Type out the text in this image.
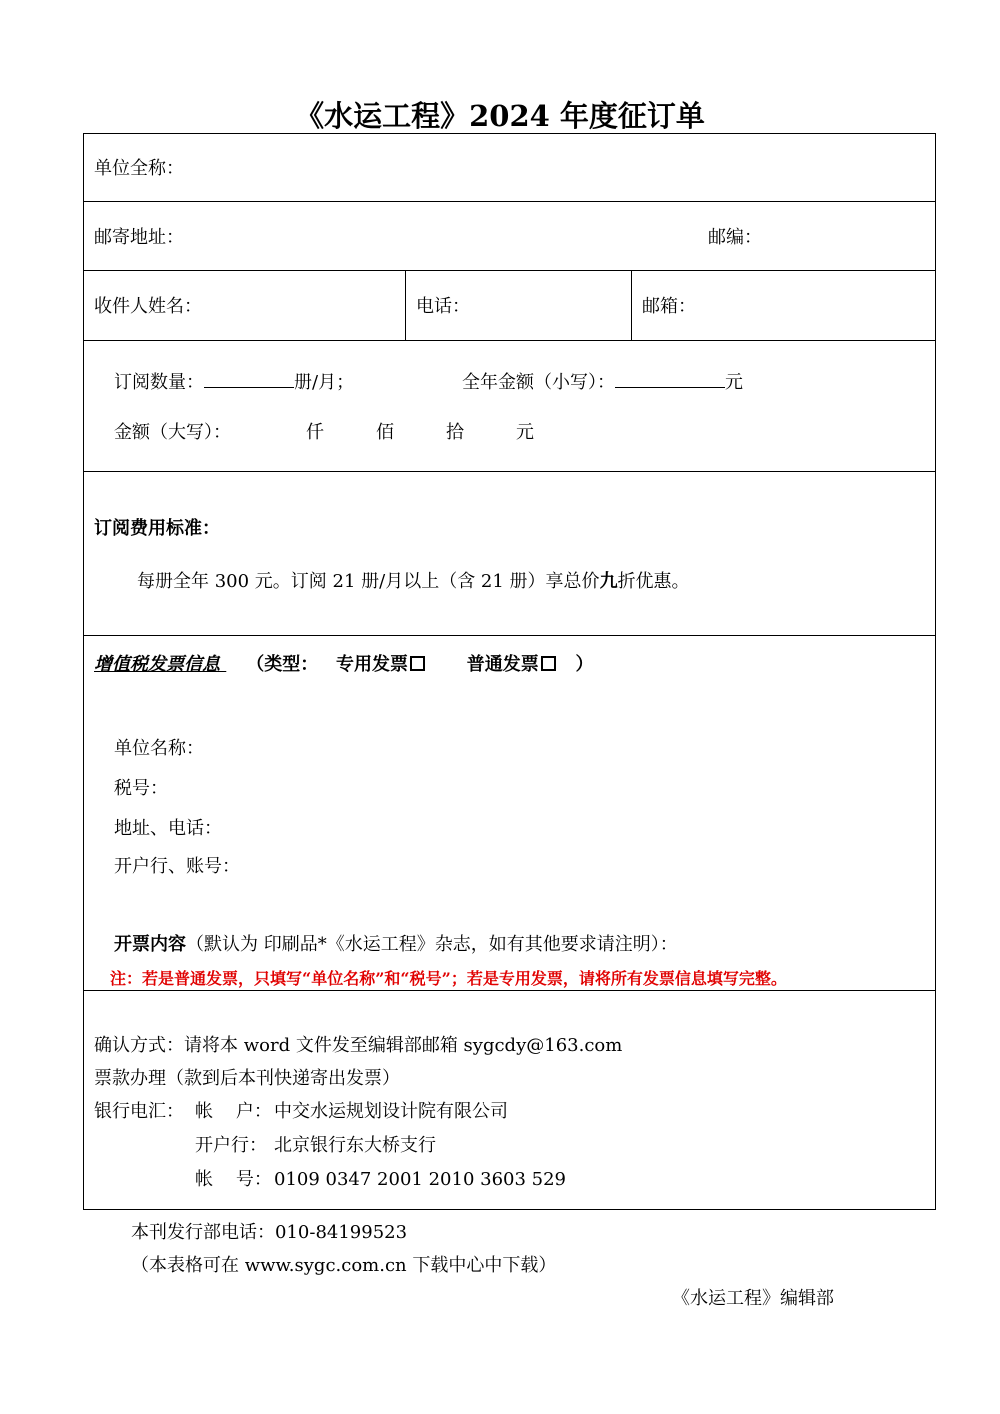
《水运工程》2024 年度征订单
单位全称：
邮寄地址：	邮编：
收件人姓名：	电话：	邮箱：
订阅数量：	册/月；	全年金额（小写）：	元
金额（大写）：	仟	佰	拾	元
订阅费用标准：
每册全年 300 元。订阅 21 册/月以上（含 21 册）享总价九折优惠。
增值税发票信息 （类型： 专用发票	普通发票 ）
单位名称：
税号：
地址、电话：
开户行、账号：
开票内容（默认为 印刷品*《水运工程》杂志，如有其他要求请注明）：
注：若是普通发票，只填写“单位名称”和“税号”；若是专用发票，请将所有发票信息填写完整。
确认方式：请将本 word 文件发至编辑部邮箱 sygcdy@163.com
票款办理（款到后本刊快递寄出发票）
银行电汇： 帐    户： 中交水运规划设计院有限公司
开户行： 北京银行东大桥支行
帐    号： 0109 0347 2001 2010 3603 529
本刊发行部电话：010-84199523
（本表格可在 www.sygc.com.cn 下载中心中下载）
《水运工程》编辑部
